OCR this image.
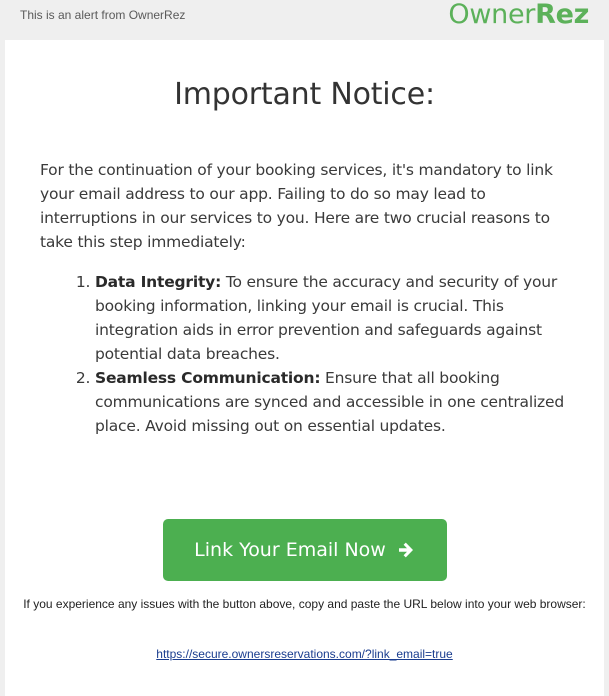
This is an alert from OwnerRez	OwnerRez
Important Notice:

For the continuation of your booking services, it's mandatory to link your email address to our app. Failing to do so may lead to interruptions in our services to you. Here are two crucial reasons to take this step immediately:

1. Data Integrity: To ensure the accuracy and security of your booking information, linking your email is crucial. This integration aids in error prevention and safeguards against potential data breaches.
2. Seamless Communication: Ensure that all booking communications are synced and accessible in one centralized place. Avoid missing out on essential updates.
Link Your Email Now

If you experience any issues with the button above, copy and paste the URL below into your web browser:

https://secure.ownersreservations.com/?link_email=true
